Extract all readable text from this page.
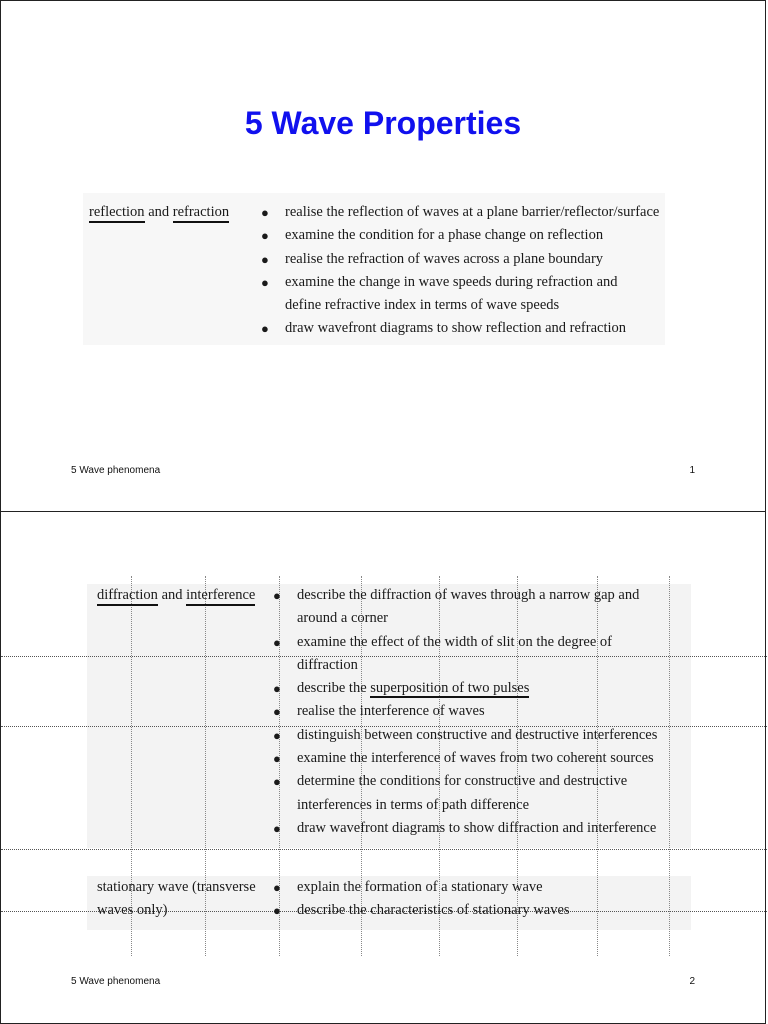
5 Wave Properties
reflection and refraction ● realise the reflection of waves at a plane barrier/reflector/surface
● examine the condition for a phase change on reflection
● realise the refraction of waves across a plane boundary
● examine the change in wave speeds during refraction and
define refractive index in terms of wave speeds
● draw wavefront diagrams to show reflection and refraction
5 Wave phenomena	1
diffraction and interference ● describe the diffraction of waves through a narrow gap and
around a corner
● examine the effect of the width of slit on the degree of
diffraction
● describe the superposition of two pulses
● realise the interference of waves
● distinguish between constructive and destructive interferences
● examine the interference of waves from two coherent sources
● determine the conditions for constructive and destructive
interferences in terms of path difference
● draw wavefront diagrams to show diffraction and interference
stationary wave (transverse
waves only)
● explain the formation of a stationary wave
● describe the characteristics of stationary waves
5 Wave phenomena	2
